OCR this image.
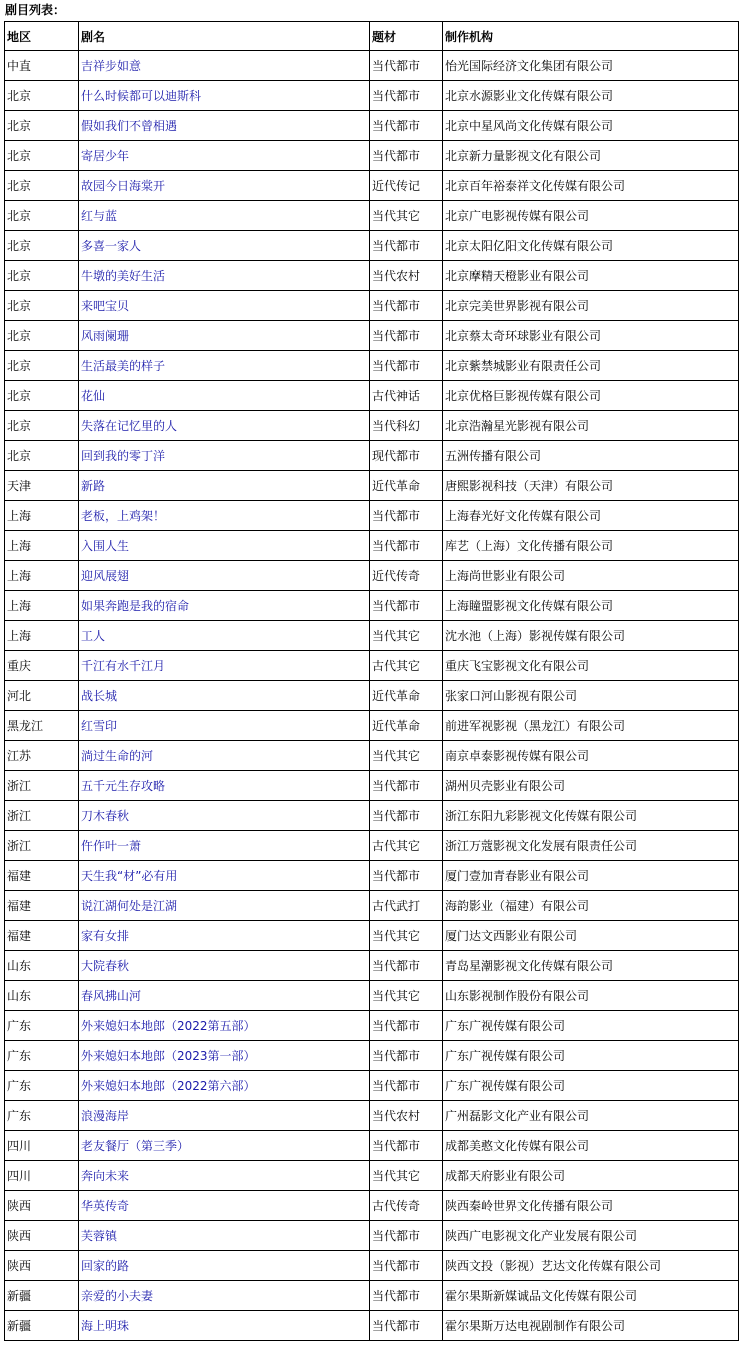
剧目列表：
地区	剧名	题材	制作机构
中直	吉祥步如意	当代都市	怡光国际经济文化集团有限公司
北京	什么时候都可以迪斯科	当代都市	北京水源影业文化传媒有限公司
北京	假如我们不曾相遇	当代都市	北京中星风尚文化传媒有限公司
北京	寄居少年	当代都市	北京新力量影视文化有限公司
北京	故园今日海棠开	近代传记	北京百年裕泰祥文化传媒有限公司
北京	红与蓝	当代其它	北京广电影视传媒有限公司
北京	多喜一家人	当代都市	北京太阳亿阳文化传媒有限公司
北京	牛墩的美好生活	当代农村	北京摩精天橙影业有限公司
北京	来吧宝贝	当代都市	北京完美世界影视有限公司
北京	风雨阑珊	当代都市	北京蔡太奇环球影业有限公司
北京	生活最美的样子	当代都市	北京紫禁城影业有限责任公司
北京	花仙	古代神话	北京优格巨影视传媒有限公司
北京	失落在记忆里的人	当代科幻	北京浩瀚星光影视有限公司
北京	回到我的零丁洋	现代都市	五洲传播有限公司
天津	新路	近代革命	唐熙影视科技（天津）有限公司
上海	老板，上鸡架！	当代都市	上海春光好文化传媒有限公司
上海	入围人生	当代都市	库艺（上海）文化传播有限公司
上海	迎风展翅	近代传奇	上海尚世影业有限公司
上海	如果奔跑是我的宿命	当代都市	上海瞳盟影视文化传媒有限公司
上海	工人	当代其它	沈水池（上海）影视传媒有限公司
重庆	千江有水千江月	古代其它	重庆飞宝影视文化有限公司
河北	战长城	近代革命	张家口河山影视有限公司
黑龙江	红雪印	近代革命	前进军视影视（黑龙江）有限公司
江苏	淌过生命的河	当代其它	南京卓泰影视传媒有限公司
浙江	五千元生存攻略	当代都市	湖州贝壳影业有限公司
浙江	刀木春秋	当代都市	浙江东阳九彩影视文化传媒有限公司
浙江	仵作叶一萧	古代其它	浙江万蔻影视文化发展有限责任公司
福建	天生我“材”必有用	当代都市	厦门壹加青春影业有限公司
福建	说江湖何处是江湖	古代武打	海韵影业（福建）有限公司
福建	家有女排	当代其它	厦门达文西影业有限公司
山东	大院春秋	当代都市	青岛星潮影视文化传媒有限公司
山东	春风拂山河	当代其它	山东影视制作股份有限公司
广东	外来媳妇本地郎（2022第五部）	当代都市	广东广视传媒有限公司
广东	外来媳妇本地郎（2023第一部）	当代都市	广东广视传媒有限公司
广东	外来媳妇本地郎（2022第六部）	当代都市	广东广视传媒有限公司
广东	浪漫海岸	当代农村	广州磊影文化产业有限公司
四川	老友餐厅（第三季）	当代都市	成都美憨文化传媒有限公司
四川	奔向未来	当代其它	成都天府影业有限公司
陕西	华英传奇	古代传奇	陕西秦岭世界文化传播有限公司
陕西	芙蓉镇	当代都市	陕西广电影视文化产业发展有限公司
陕西	回家的路	当代都市	陕西文投（影视）艺达文化传媒有限公司
新疆	亲爱的小夫妻	当代都市	霍尔果斯新媒诚品文化传媒有限公司
新疆	海上明珠	当代都市	霍尔果斯万达电视剧制作有限公司
